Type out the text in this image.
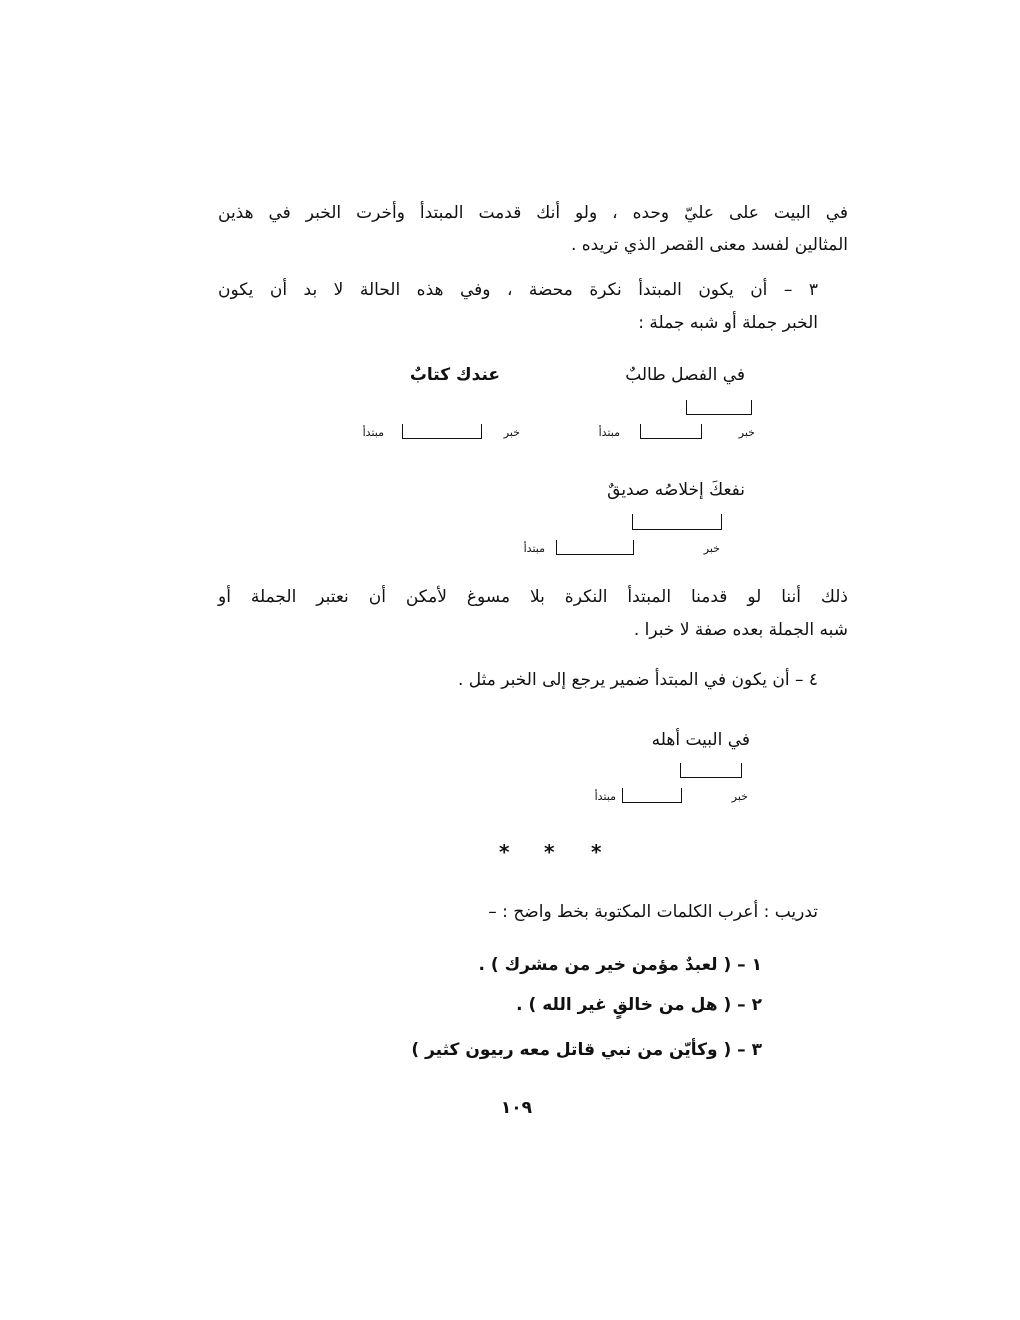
في البيت على عليّ وحده ، ولو أنك قدمت المبتدأ وأخرت الخبر في هذين
المثالين لفسد معنى القصر الذي تريده .
٣ – أن يكون المبتدأ نكرة محضة ، وفي هذه الحالة لا بد أن يكون
الخبر جملة أو شبه جملة :
في الفصل طالبٌ
خبر
مبتدأ
عندك كتابٌ
خبر
مبتدأ
نفعكَ إخلاصُه صديقٌ
خبر
مبتدأ
ذلك أننا لو قدمنا المبتدأ النكرة بلا مسوغ لأمكن أن نعتبر الجملة أو
شبه الجملة بعده صفة لا خبرا .
٤ – أن يكون في المبتدأ ضمير يرجع إلى الخبر مثل .
في البيت أهله
خبر
مبتدأ
* * *
تدريب : أعرب الكلمات المكتوبة بخط واضح : –
١ – ( لعبدٌ مؤمن خير من مشرك ) .
٢ – ( هل من خالقٍ غير الله ) .
٣ – ( وكأيّن من نبي قاتل معه ربيون كثير )
١٠٩
